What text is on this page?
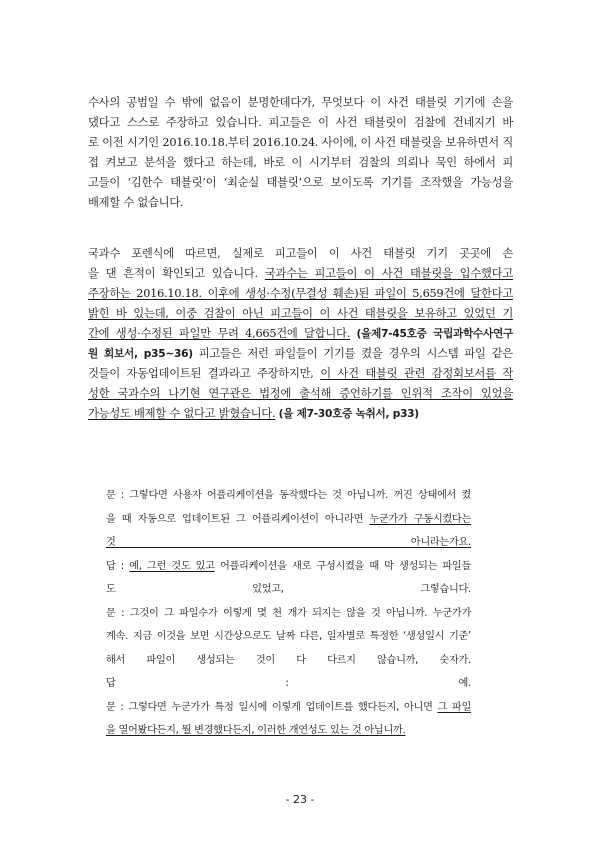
수사의 공범일 수 밖에 없음이 분명한데다가, 무엇보다 이 사건 태블릿 기기에 손을
댔다고 스스로 주장하고 있습니다. 피고들은 이 사건 태블릿이 검찰에 건네지기 바
로 이전 시기인 2016.10.18.부터 2016.10.24. 사이에, 이 사건 태블릿을 보유하면서 직
접 켜보고 분석을 했다고 하는데, 바로 이 시기부터 검찰의 의뢰나 묵인 하에서 피
고들이 ‘김한수 태블릿’이 ‘최순실 태블릿’으로 보이도록 기기를 조작했을 가능성을
배제할 수 없습니다.
국과수 포렌식에 따르면, 실제로 피고들이 이 사건 태블릿 기기 곳곳에 손
을 댄 흔적이 확인되고 있습니다. 국과수는 피고들이 이 사건 태블릿을 입수했다고
주장하는 2016.10.18. 이후에 생성·수정(무결성 훼손)된 파일이 5,659건에 달한다고
밝힌 바 있는데, 이중 검찰이 아닌 피고들이 이 사건 태블릿을 보유하고 있었던 기
간에 생성·수정된 파일만 무려 4,665건에 달합니다. (을제7-45호증 국립과학수사연구
원 회보서, p35~36) 피고들은 저런 파일들이 기기를 켰을 경우의 시스템 파일 같은
것들이 자동업데이트된 결과라고 주장하지만, 이 사건 태블릿 관련 감정회보서를 작
성한 국과수의 나기현 연구관은 법정에 출석해 증언하기를 인위적 조작이 있었을
가능성도 배제할 수 없다고 밝혔습니다. (을 제7-30호증 녹취서, p33)
문 : 그렇다면 사용자 어플리케이션을 동작했다는 것 아닙니까. 꺼진 상태에서 켰
을 때 자동으로 업데이트된 그 어플리케이션이 아니라면 누군가가 구동시켰다는
것 아니라는가요.
답 : 예, 그런 것도 있고 어플리케이션을 새로 구성시켰을 때 막 생성되는 파일들
도 있었고, 그렇습니다.
문 : 그것이 그 파일수가 이렇게 몇 천 개가 되지는 않을 것 아닙니까. 누군가가
계속. 지금 이것을 보면 시간상으로도 날짜 다른, 일자별로 특정한 ‘생성일시 기준’
해서 파일이 생성되는 것이 다 다르지 않습니까, 숫자가.
답 : 예.
문 : 그렇다면 누군가가 특정 일시에 이렇게 업데이트를 했다든지, 아니면 그 파일
을 열어봤다든지, 뭘 변경했다든지, 이러한 개연성도 있는 것 아닙니까.
- 23 -
